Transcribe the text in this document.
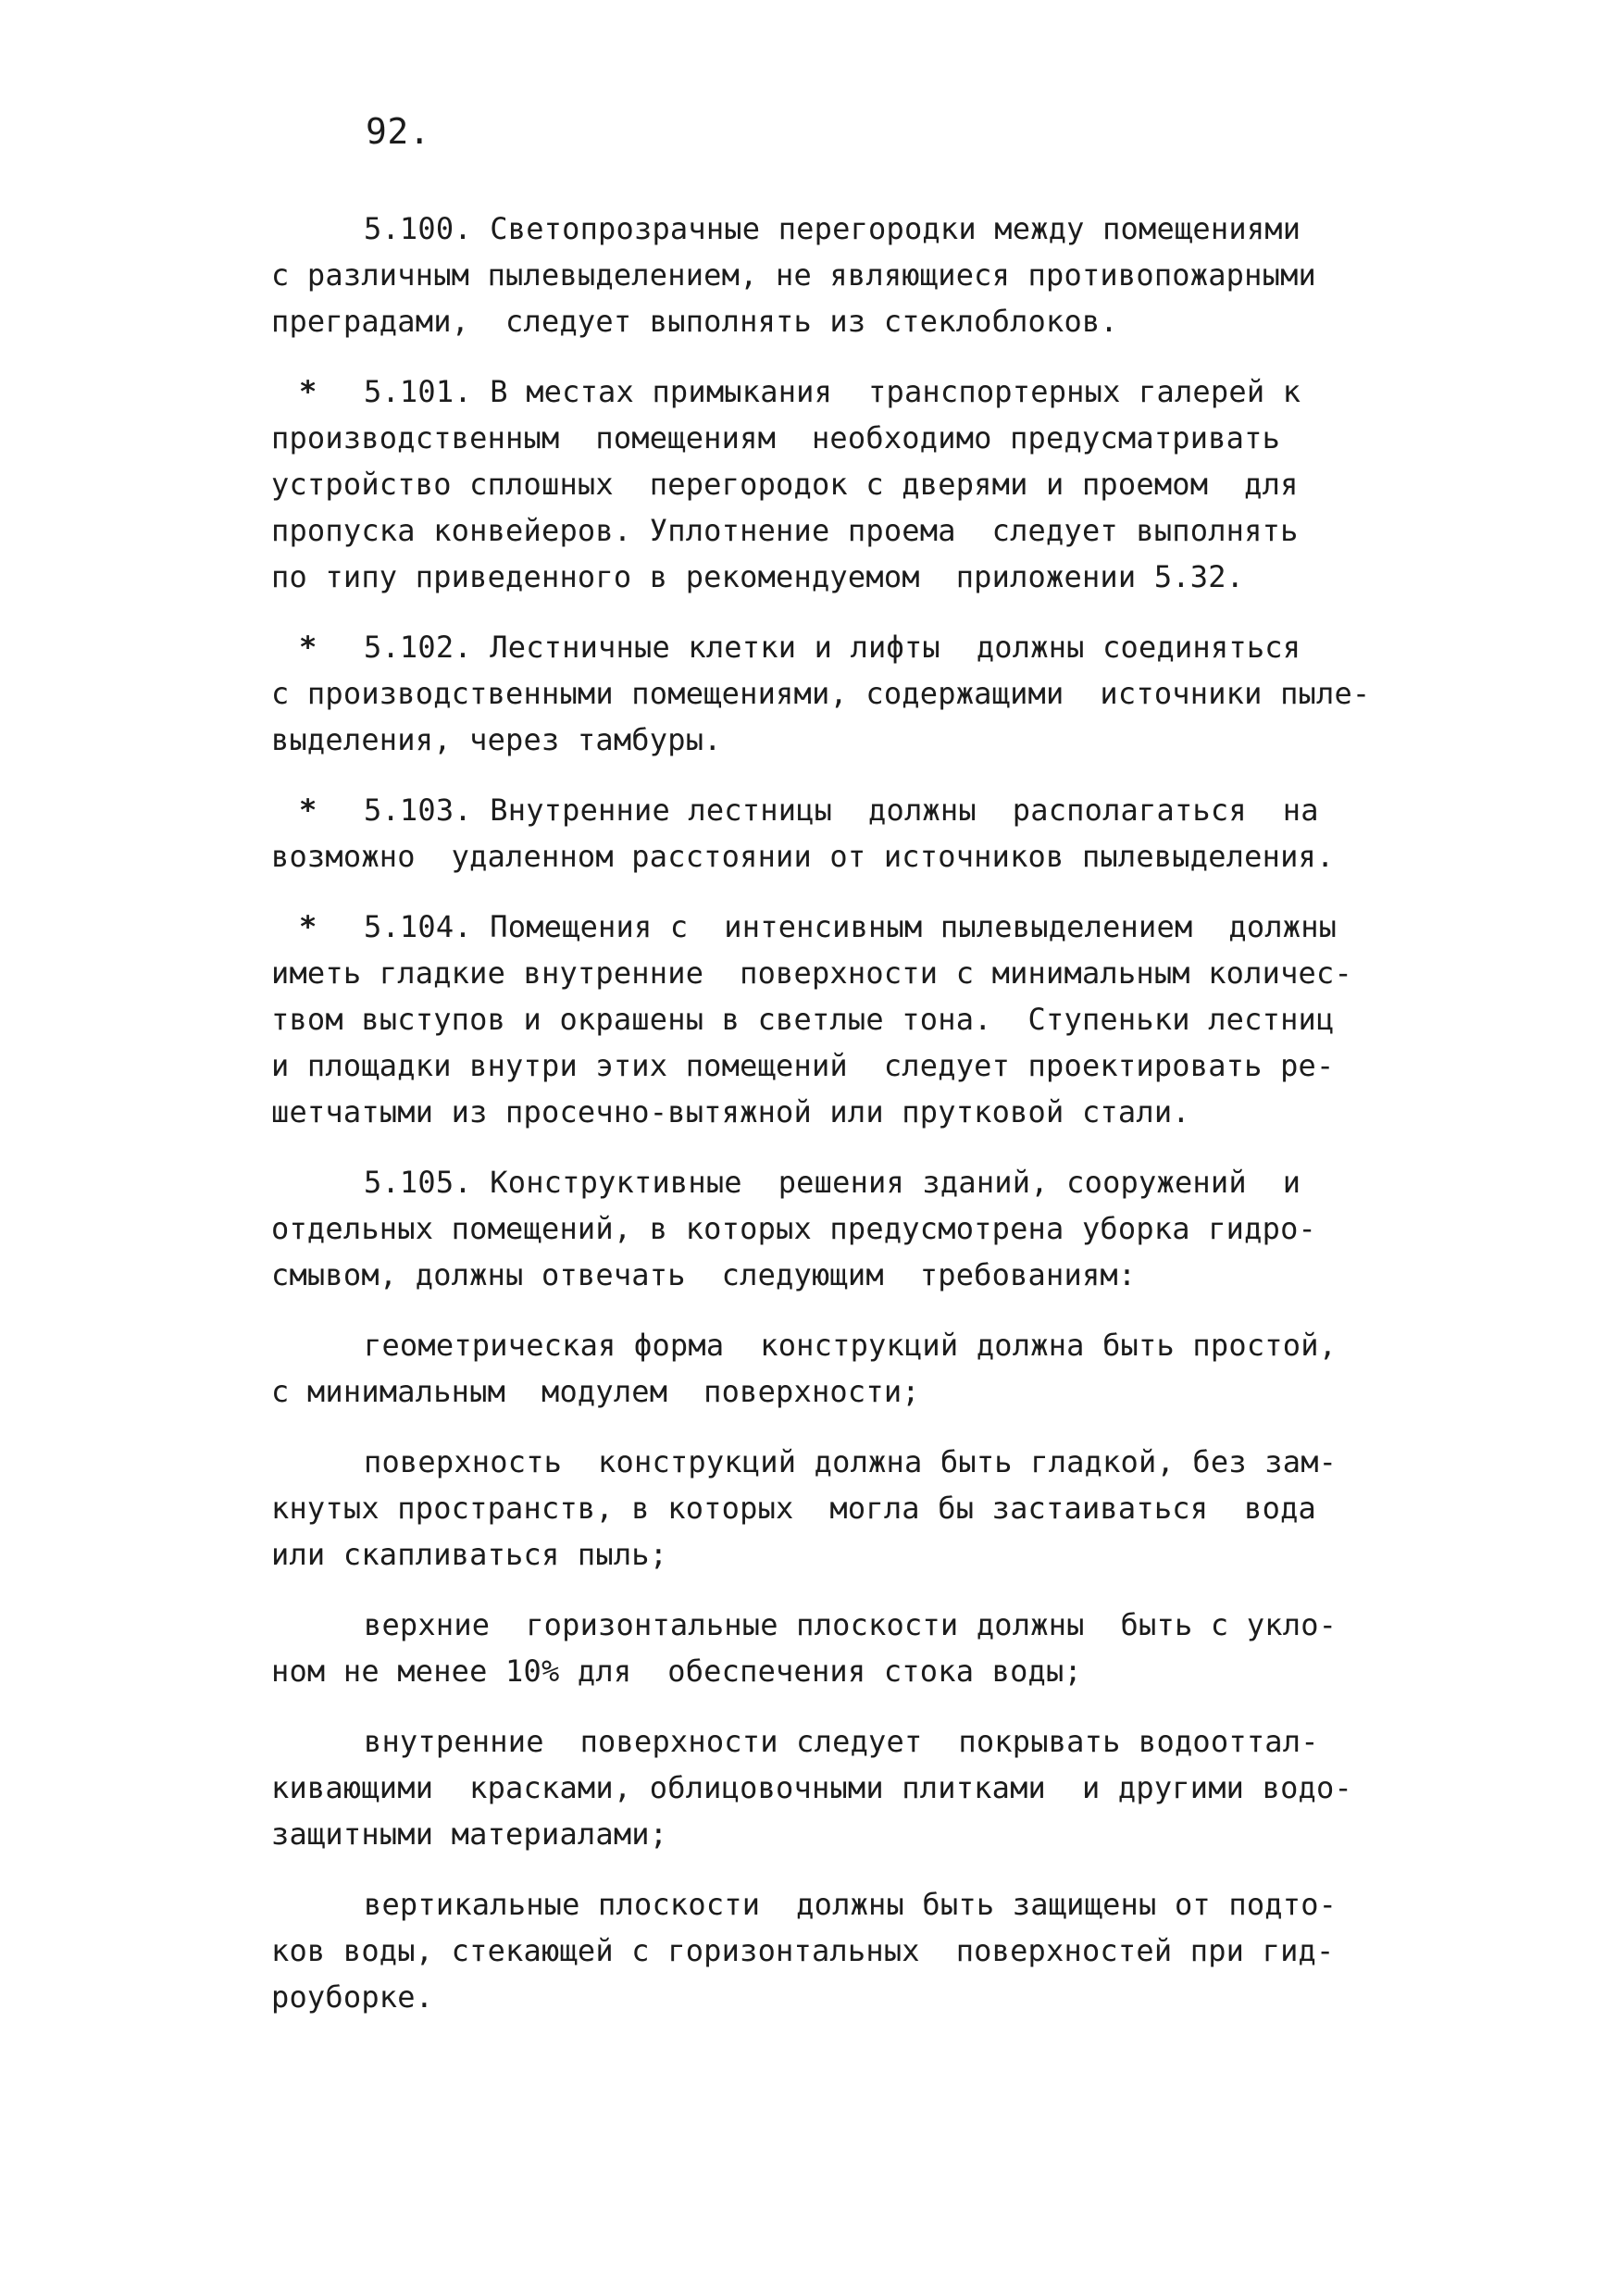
92.
5.100. Светопрозрачные перегородки между помещениями
с различным пылевыделением, не являющиеся противопожарными
преградами,  следует выполнять из стеклоблоков.
* 5.101. В местах примыкания  транспортерных галерей к
производственным  помещениям  необходимо предусматривать
устройство сплошных  перегородок с дверями и проемом  для
пропуска конвейеров. Уплотнение проема  следует выполнять
по типу приведенного в рекомендуемом  приложении 5.32.
* 5.102. Лестничные клетки и лифты  должны соединяться
с производственными помещениями, содержащими  источники пыле-
выделения, через тамбуры.
* 5.103. Внутренние лестницы  должны  располагаться  на
возможно  удаленном расстоянии от источников пылевыделения.
* 5.104. Помещения с  интенсивным пылевыделением  должны
иметь гладкие внутренние  поверхности с минимальным количес-
твом выступов и окрашены в светлые тона.  Ступеньки лестниц
и площадки внутри этих помещений  следует проектировать ре-
шетчатыми из просечно-вытяжной или прутковой стали.
5.105. Конструктивные  решения зданий, сооружений  и
отдельных помещений, в которых предусмотрена уборка гидро-
смывом, должны отвечать  следующим  требованиям:
геометрическая форма  конструкций должна быть простой,
с минимальным  модулем  поверхности;
поверхность  конструкций должна быть гладкой, без зам-
кнутых пространств, в которых  могла бы застаиваться  вода
или скапливаться пыль;
верхние  горизонтальные плоскости должны  быть с укло-
ном не менее 10% для  обеспечения стока воды;
внутренние  поверхности следует  покрывать водооттал-
кивающими  красками, облицовочными плитками  и другими водо-
защитными материалами;
вертикальные плоскости  должны быть защищены от подто-
ков воды, стекающей с горизонтальных  поверхностей при гид-
роуборке.
